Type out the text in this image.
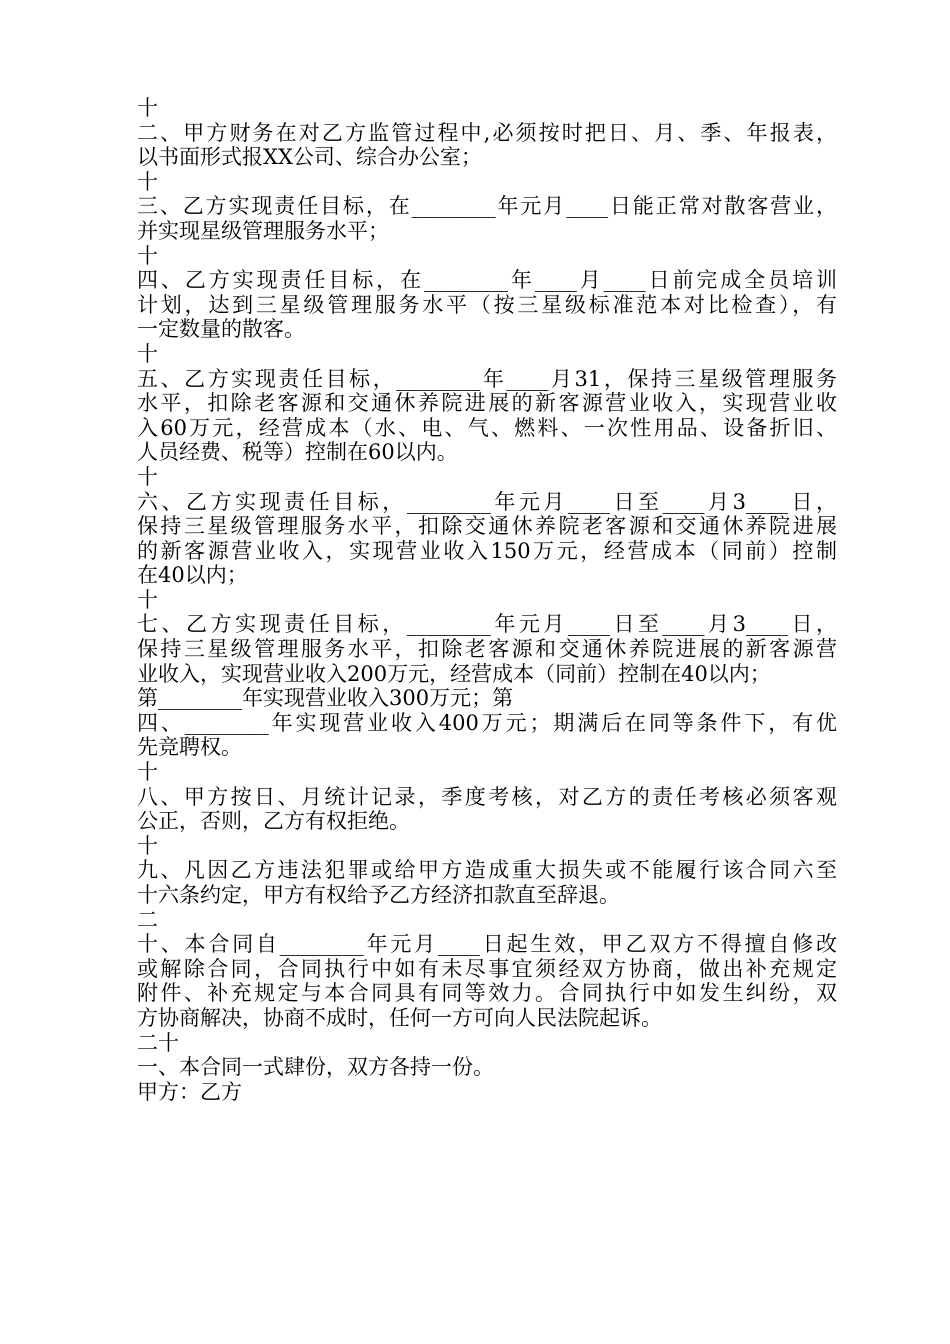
十
二、甲方财务在对乙方监管过程中,必须按时把日、月、季、年报表，
以书面形式报XX公司、综合办公室；
十
三、乙方实现责任目标，在________年元月____日能正常对散客营业，
并实现星级管理服务水平；
十
四、乙方实现责任目标，在________年____月____日前完成全员培训
计划，达到三星级管理服务水平（按三星级标准范本对比检查），有
一定数量的散客。
十
五、乙方实现责任目标，________年____月31，保持三星级管理服务
水平，扣除老客源和交通休养院进展的新客源营业收入，实现营业收
入60万元，经营成本（水、电、气、燃料、一次性用品、设备折旧、
人员经费、税等）控制在60以内。
十
六、乙方实现责任目标，________年元月____日至____月3____日，
保持三星级管理服务水平，扣除交通休养院老客源和交通休养院进展
的新客源营业收入，实现营业收入150万元，经营成本（同前）控制
在40以内；
十
七、乙方实现责任目标，________年元月____日至____月3____日，
保持三星级管理服务水平，扣除老客源和交通休养院进展的新客源营
业收入，实现营业收入200万元，经营成本（同前）控制在40以内；
第________年实现营业收入300万元；第
四、________年实现营业收入400万元；期满后在同等条件下，有优
先竞聘权。
十
八、甲方按日、月统计记录，季度考核，对乙方的责任考核必须客观
公正，否则，乙方有权拒绝。
十
九、凡因乙方违法犯罪或给甲方造成重大损失或不能履行该合同六至
十六条约定，甲方有权给予乙方经济扣款直至辞退。
二
十、本合同自________年元月____日起生效，甲乙双方不得擅自修改
或解除合同，合同执行中如有未尽事宜须经双方协商，做出补充规定
附件、补充规定与本合同具有同等效力。合同执行中如发生纠纷，双
方协商解决，协商不成时，任何一方可向人民法院起诉。
二十
一、本合同一式肆份，双方各持一份。
甲方：乙方
